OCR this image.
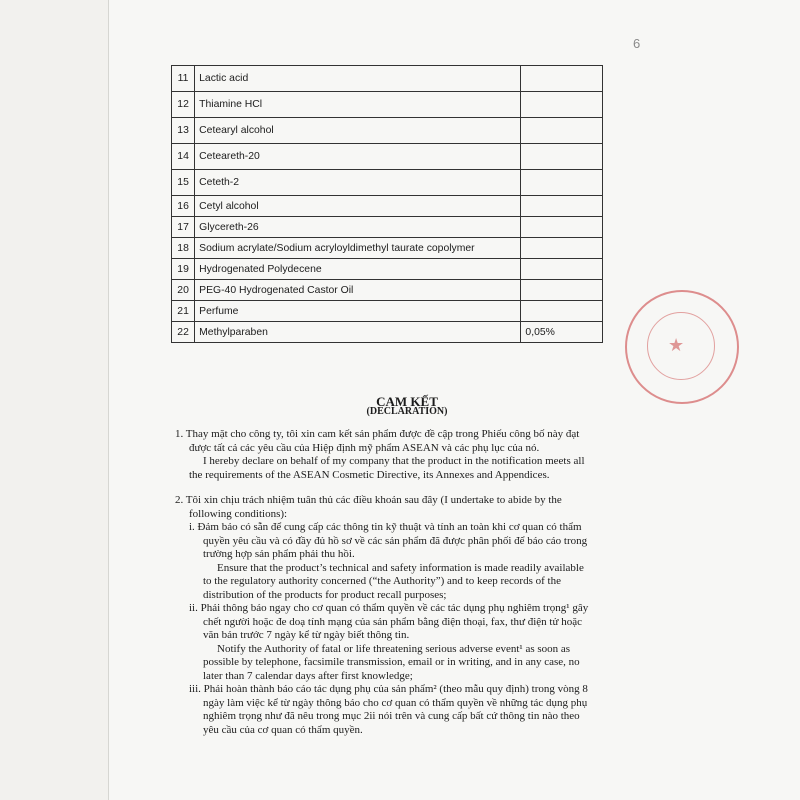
6
11	Lactic acid	
12	Thiamine HCl	
13	Cetearyl alcohol	
14	Ceteareth-20	
15	Ceteth-2	
16	Cetyl alcohol	
17	Glycereth-26	
18	Sodium acrylate/Sodium acryloyldimethyl taurate copolymer	
19	Hydrogenated Polydecene	
20	PEG-40 Hydrogenated Castor Oil	
21	Perfume	
22	Methylparaben	0,05%
★
CAM KẾT
(DECLARATION)

1. Thay mặt cho công ty, tôi xin cam kết sản phẩm được đề cập trong Phiếu công bố này đạt

được tất cả các yêu cầu của Hiệp định mỹ phẩm ASEAN và các phụ lục của nó.

I hereby declare on behalf of my company that the product in the notification meets all

the requirements of the ASEAN Cosmetic Directive, its Annexes and Appendices.

2. Tôi xin chịu trách nhiệm tuân thủ các điều khoản sau đây (I undertake to abide by the

following conditions):

i. Đảm bảo có sẵn để cung cấp các thông tin kỹ thuật và tính an toàn khi cơ quan có thẩm

quyền yêu cầu và có đầy đủ hồ sơ về các sản phẩm đã được phân phối để báo cáo trong

trường hợp sản phẩm phải thu hồi.

Ensure that the product’s technical and safety information is made readily available

to the regulatory authority concerned (“the Authority”) and to keep records of the

distribution of the products for product recall purposes;

ii. Phải thông báo ngay cho cơ quan có thẩm quyền về các tác dụng phụ nghiêm trọng¹ gây

chết người hoặc đe doạ tính mạng của sản phẩm bằng điện thoại, fax, thư điện tử hoặc

văn bản trước 7 ngày kể từ ngày biết thông tin.

Notify the Authority of fatal or life threatening serious adverse event¹ as soon as

possible by telephone, facsimile transmission, email or in writing, and in any case, no

later than 7 calendar days after first knowledge;

iii. Phải hoàn thành báo cáo tác dụng phụ của sản phẩm² (theo mẫu quy định) trong vòng 8

ngày làm việc kể từ ngày thông báo cho cơ quan có thẩm quyền về những tác dụng phụ

nghiêm trọng như đã nêu trong mục 2ii nói trên và cung cấp bất cứ thông tin nào theo

yêu cầu của cơ quan có thẩm quyền.
